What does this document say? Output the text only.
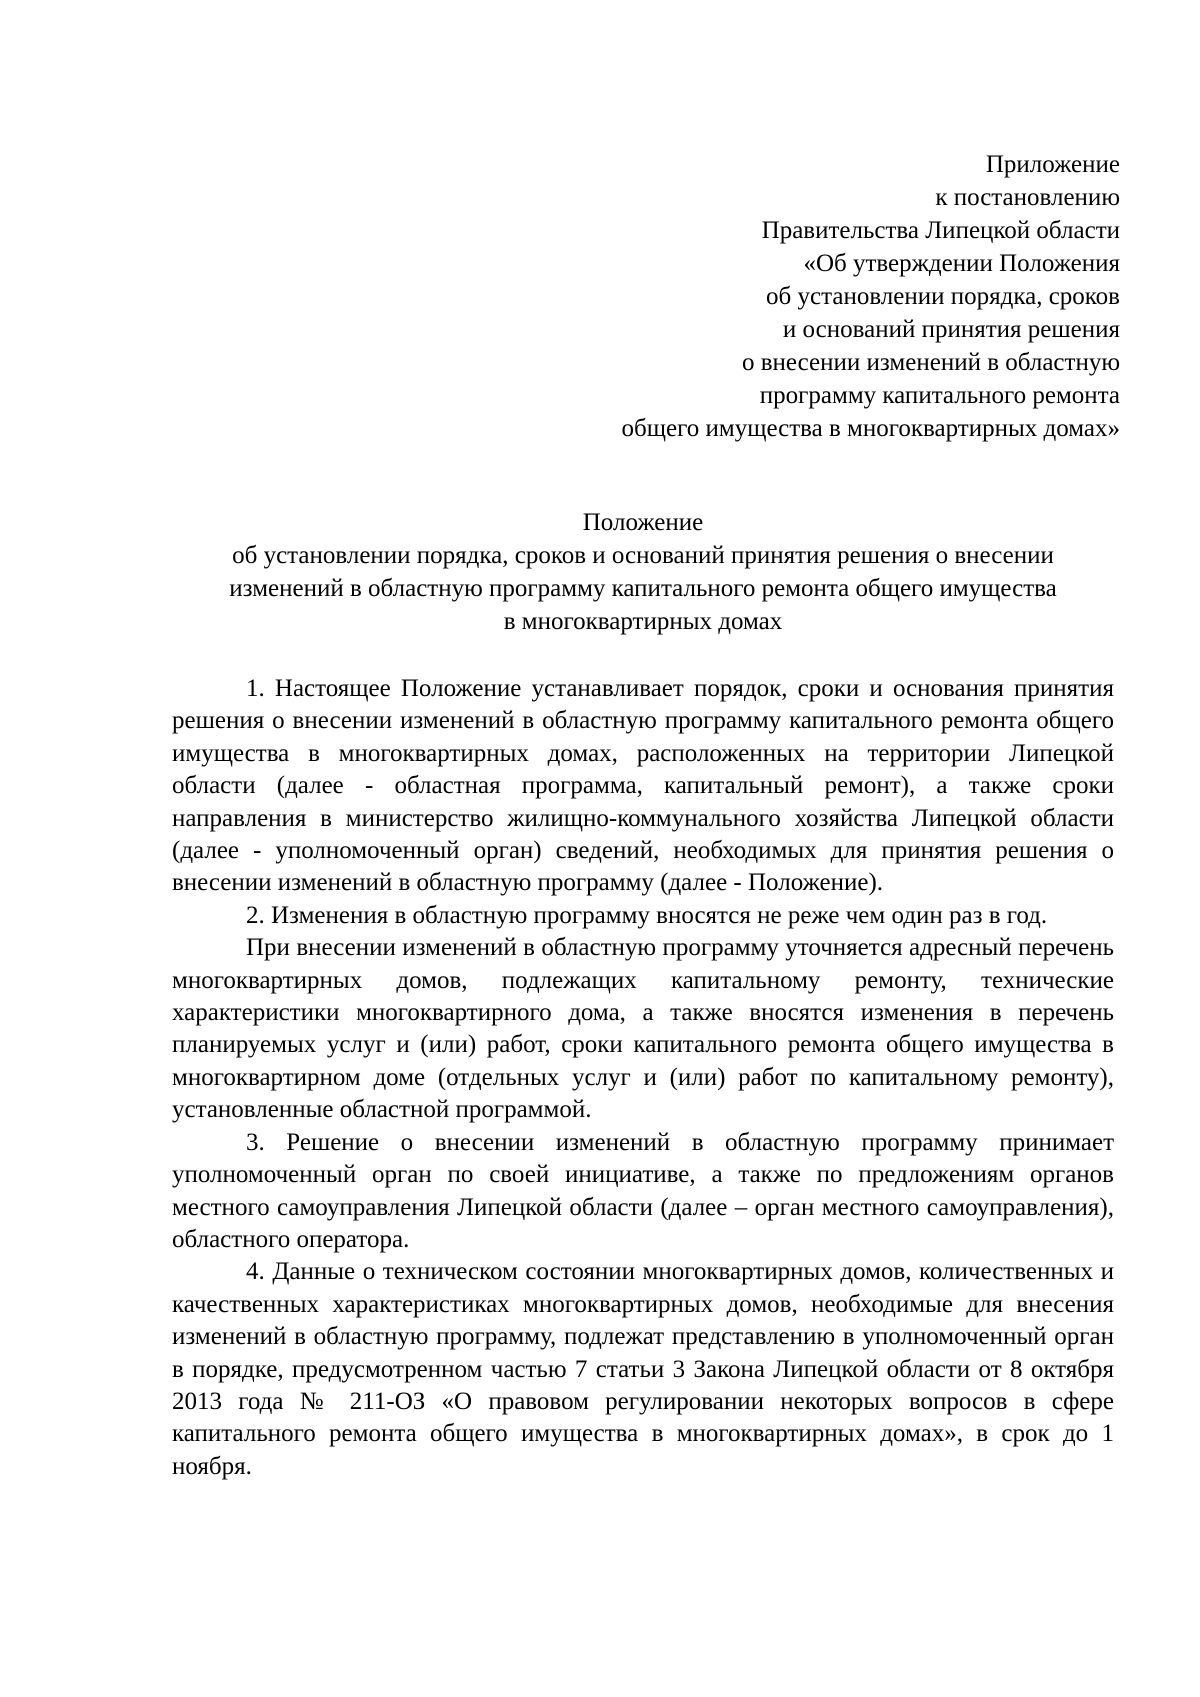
Приложение
к постановлению
Правительства Липецкой области
«Об утверждении Положения
об установлении порядка, сроков
и оснований принятия решения
о внесении изменений в областную
программу капитального ремонта
общего имущества в многоквартирных домах»
Положение
об установлении порядка, сроков и оснований принятия решения о внесении
изменений в областную программу капитального ремонта общего имущества
в многоквартирных домах

1. Настоящее Положение устанавливает порядок, сроки и основания принятия решения о внесении изменений в областную программу капитального ремонта общего имущества в многоквартирных домах, расположенных на территории Липецкой области (далее - областная программа, капитальный ремонт), а также сроки направления в министерство жилищно-коммунального хозяйства Липецкой области (далее - уполномоченный орган) сведений, необходимых для принятия решения о внесении изменений в областную программу (далее - Положение).

2. Изменения в областную программу вносятся не реже чем один раз в год.

При внесении изменений в областную программу уточняется адресный перечень многоквартирных домов, подлежащих капитальному ремонту, технические характеристики многоквартирного дома, а также вносятся изменения в перечень планируемых услуг и (или) работ, сроки капитального ремонта общего имущества в многоквартирном доме (отдельных услуг и (или) работ по капитальному ремонту), установленные областной программой.

3. Решение о внесении изменений в областную программу принимает уполномоченный орган по своей инициативе, а также по предложениям органов местного самоуправления Липецкой области (далее – орган местного самоуправления), областного оператора.

4. Данные о техническом состоянии многоквартирных домов, количественных и качественных характеристиках многоквартирных домов, необходимые для внесения изменений в областную программу, подлежат представлению в уполномоченный орган в порядке, предусмотренном частью 7 статьи 3 Закона Липецкой области от 8 октября 2013 года № 211-ОЗ «О правовом регулировании некоторых вопросов в сфере капитального ремонта общего имущества в многоквартирных домах», в срок до 1 ноября.
